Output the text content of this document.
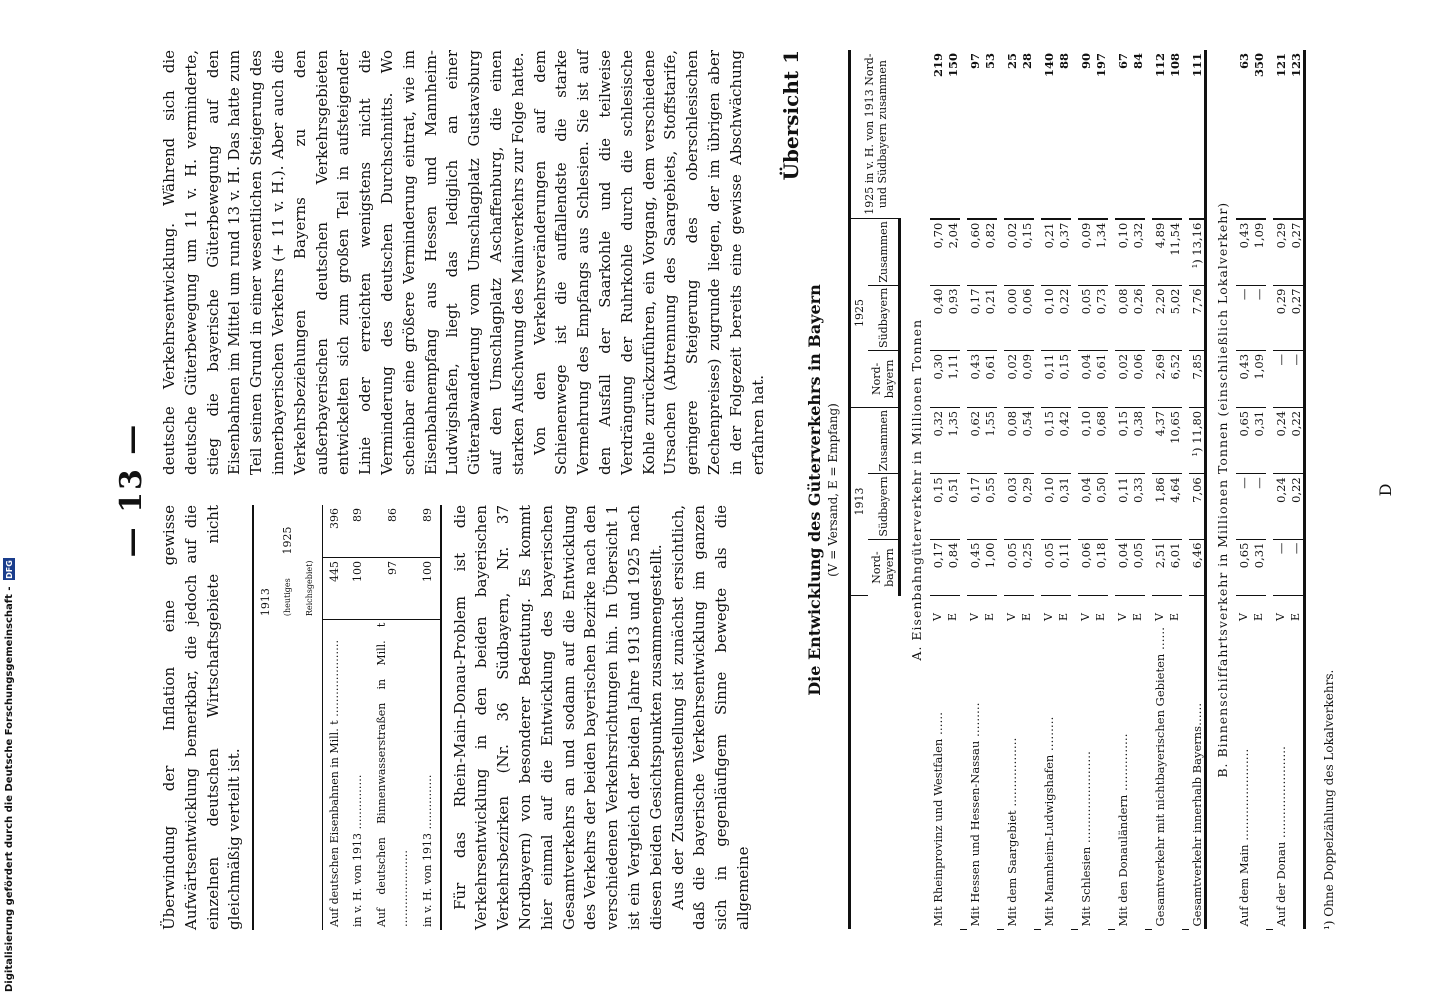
Digitalisierung gefördert durch die Deutsche Forschungsgemeinschaft -
DFG
— 13 —

Überwindung der Inflation eine gewisse Aufwärtsentwicklung bemerkbar, die jedoch auf die einzelnen deutschen Wirtschaftsgebiete nicht gleichmäßig verteilt ist.

	1913 (heutiges Reichsgebiet)	1925
Auf deutschen Eisenbahnen in Mill. t …………………	445	396
in v. H. von 1913 ……………	100	89
Auf deutschen Binnenwasserstraßen in Mill. t …………………	97	86
in v. H. von 1913 ……………	100	89 Für das Rhein-Main-Donau-Problem ist die Verkehrsentwicklung in den beiden bayerischen Verkehrsbezirken (Nr. 36 Südbayern, Nr. 37 Nordbayern) von besonderer Bedeutung. Es kommt hier einmal auf die Entwicklung des bayerischen Gesamtverkehrs an und sodann auf die Entwicklung des Verkehrs der beiden bayerischen Bezirke nach den verschiedenen Verkehrsrichtungen hin. In Übersicht 1 ist ein Vergleich der beiden Jahre 1913 und 1925 nach diesen beiden Gesichtspunkten zusammengestellt. Aus der Zusammenstellung ist zunächst ersichtlich, daß die bayerische Verkehrsentwicklung im ganzen sich in gegenläufigem Sinne bewegte als die allgemeine

deutsche Verkehrsentwicklung. Während sich die deutsche Güterbewegung um 11 v. H. verminderte, stieg die bayerische Güterbewegung auf den Eisenbahnen im Mittel um rund 13 v. H. Das hatte zum Teil seinen Grund in einer wesentlichen Steigerung des innerbayerischen Verkehrs (+ 11 v. H.). Aber auch die Verkehrsbeziehungen Bayerns zu den außerbayerischen deutschen Verkehrsgebieten entwickelten sich zum großen Teil in aufsteigender Linie oder erreichten wenigstens nicht die Verminderung des deutschen Durchschnitts. Wo scheinbar eine größere Verminderung eintrat, wie im Eisenbahnempfang aus Hessen und Mannheim-Ludwigshafen, liegt das lediglich an einer Güterabwanderung vom Umschlagplatz Gustavsburg auf den Umschlagplatz Aschaffenburg, die einen starken Aufschwung des Mainverkehrs zur Folge hatte. Von den Verkehrsveränderungen auf dem Schienenwege ist die auffallendste die starke Vermehrung des Empfangs aus Schlesien. Sie ist auf den Ausfall der Saarkohle und die teilweise Verdrängung der Ruhrkohle durch die schlesische Kohle zurückzuführen, ein Vorgang, dem verschiedene Ursachen (Abtrennung des Saargebiets, Stoffstarife, geringere Steigerung des oberschlesischen Zechenpreises) zugrunde liegen, der im übrigen aber in der Folgezeit bereits eine gewisse Abschwächung erfahren hat.

Übersicht 1
Die Entwicklung des Güterverkehrs in Bayern (V = Versand, E = Empfang)
		1913			1925			1925 in v. H. von 1913 Nord- und Südbayern zusammen
		Nord-bayern	Südbayern	Zusammen	Nord-bayern	Südbayern	Zusammen	
A. Eisenbahngüterverkehr in Millionen Tonnen								
Mit Rheinprovinz und Westfalen ……	V	0,17	0,15	0,32	0,30	0,40	0,70	219
	E	0,84	0,51	1,35	1,11	0,93	2,04	150

Mit Hessen und Hessen-Nassau ………	V	0,45	0,17	0,62	0,43	0,17	0,60	97
	E	1,00	0,55	1,55	0,61	0,21	0,82	53

Mit dem Saargebiet ………………	V	0,05	0,03	0,08	0,02	0,00	0,02	25
	E	0,25	0,29	0,54	0,09	0,06	0,15	28

Mit Mannheim-Ludwigshafen ………	V	0,05	0,10	0,15	0,11	0,10	0,21	140
	E	0,11	0,31	0,42	0,15	0,22	0,37	88

Mit Schlesien ……………………	V	0,06	0,04	0,10	0,04	0,05	0,09	90
	E	0,18	0,50	0,68	0,61	0,73	1,34	197

Mit den Donauländern ……………	V	0,04	0,11	0,15	0,02	0,08	0,10	67
	E	0,05	0,33	0,38	0,06	0,26	0,32	84

Gesamtverkehr mit nichtbayerischen Gebieten ……	V	2,51	1,86	4,37	2,69	2,20	4,89	112
	E	6,01	4,64	10,65	6,52	5,02	11,54	108

Gesamtverkehr innerhalb Bayerns……		6,46	7,06	¹) 11,80	7,85	7,76	¹) 13,16	111
B. Binnenschiffahrtsverkehr in Millionen Tonnen (einschließlich Lokalverkehr)								
Auf dem Main ……………………	V	0,65	—	0,65	0,43	—	0,43	63
	E	0,31	—	0,31	1,09	—	1,09	350

Auf der Donau ……………………	V	—	0,24	0,24	—	0,29	0,29	121
	E	—	0,22	0,22	—	0,27	0,27	123
¹) Ohne Doppelzählung des Lokalverkehrs.
D
